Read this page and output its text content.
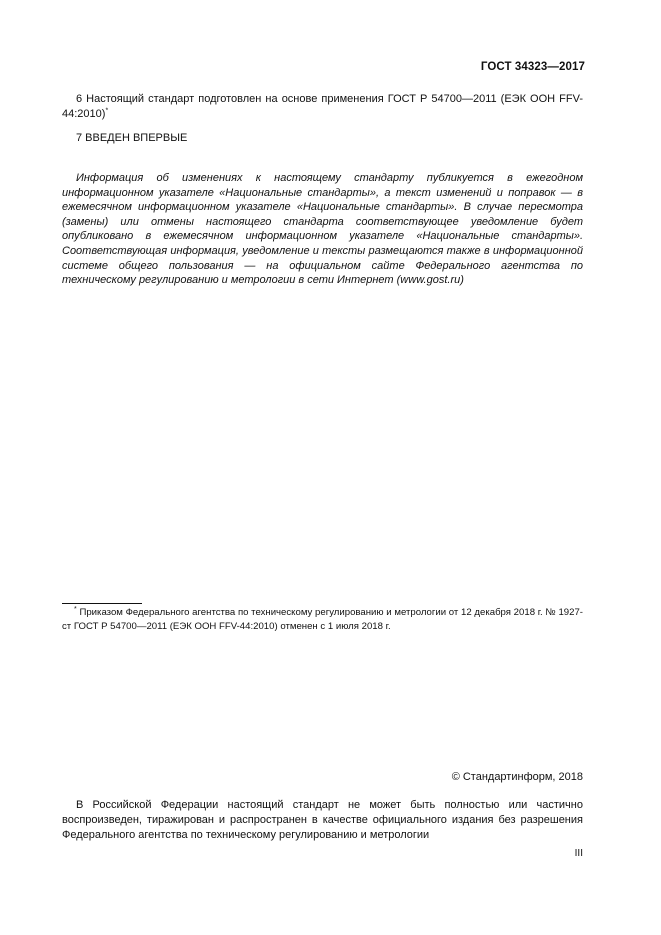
ГОСТ 34323—2017
6 Настоящий стандарт подготовлен на основе применения ГОСТ Р 54700—2011 (ЕЭК ООН FFV-44:2010)*
7 ВВЕДЕН ВПЕРВЫЕ
Информация об изменениях к настоящему стандарту публикуется в ежегодном информационном указателе «Национальные стандарты», а текст изменений и поправок — в ежемесячном информационном указателе «Национальные стандарты». В случае пересмотра (замены) или отмены настоящего стандарта соответствующее уведомление будет опубликовано в ежемесячном информационном указателе «Национальные стандарты». Соответствующая информация, уведомление и тексты размещаются также в информационной системе общего пользования — на официальном сайте Федерального агентства по техническому регулированию и метрологии в сети Интернет (www.gost.ru)
* Приказом Федерального агентства по техническому регулированию и метрологии от 12 декабря 2018 г. № 1927-ст ГОСТ Р 54700—2011 (ЕЭК ООН FFV-44:2010) отменен с 1 июля 2018 г.
© Стандартинформ, 2018
В Российской Федерации настоящий стандарт не может быть полностью или частично воспроизведен, тиражирован и распространен в качестве официального издания без разрешения Федерального агентства по техническому регулированию и метрологии
III
